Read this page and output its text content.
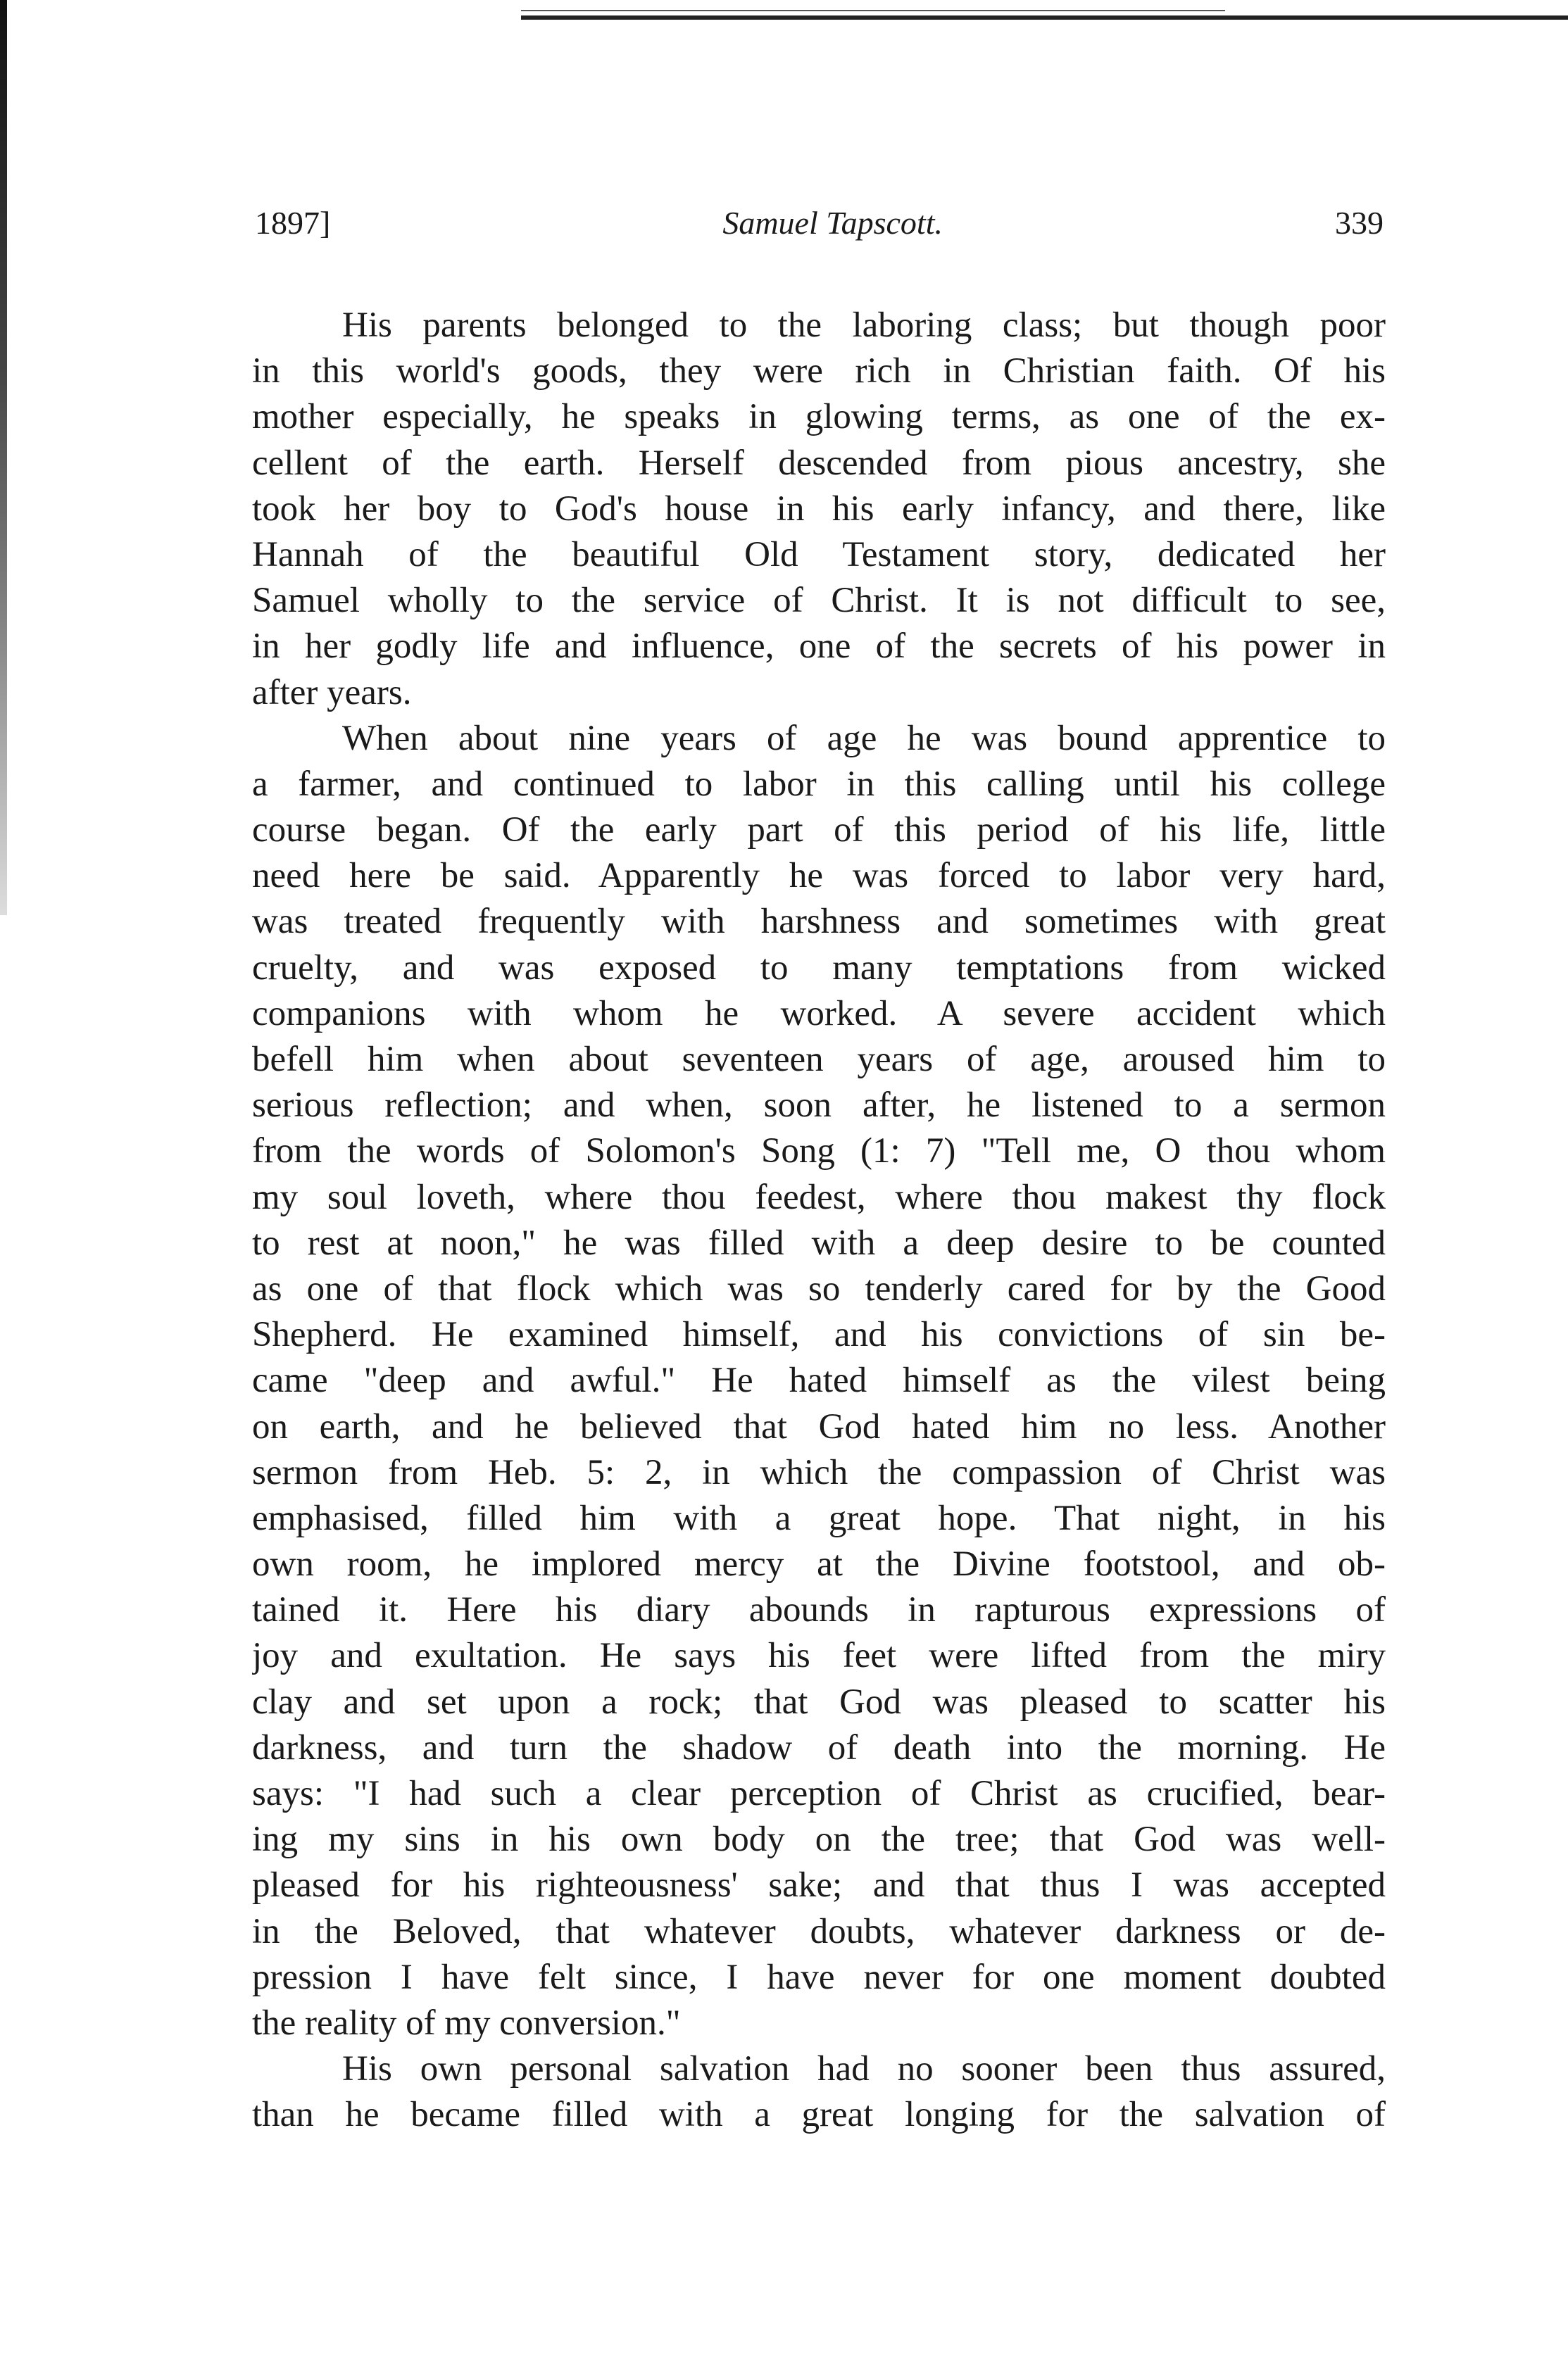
1897]	Samuel Tapscott.	339
His parents belonged to the laboring class; but though poor
in this world's goods, they were rich in Christian faith. Of his
mother especially, he speaks in glowing terms, as one of the ex-
cellent of the earth. Herself descended from pious ancestry, she
took her boy to God's house in his early infancy, and there, like
Hannah of the beautiful Old Testament story, dedicated her
Samuel wholly to the service of Christ. It is not difficult to see,
in her godly life and influence, one of the secrets of his power in
after years.
When about nine years of age he was bound apprentice to
a farmer, and continued to labor in this calling until his college
course began. Of the early part of this period of his life, little
need here be said. Apparently he was forced to labor very hard,
was treated frequently with harshness and sometimes with great
cruelty, and was exposed to many temptations from wicked
companions with whom he worked. A severe accident which
befell him when about seventeen years of age, aroused him to
serious reflection; and when, soon after, he listened to a sermon
from the words of Solomon's Song (1: 7) "Tell me, O thou whom
my soul loveth, where thou feedest, where thou makest thy flock
to rest at noon," he was filled with a deep desire to be counted
as one of that flock which was so tenderly cared for by the Good
Shepherd. He examined himself, and his convictions of sin be-
came "deep and awful." He hated himself as the vilest being
on earth, and he believed that God hated him no less. Another
sermon from Heb. 5: 2, in which the compassion of Christ was
emphasised, filled him with a great hope. That night, in his
own room, he implored mercy at the Divine footstool, and ob-
tained it. Here his diary abounds in rapturous expressions of
joy and exultation. He says his feet were lifted from the miry
clay and set upon a rock; that God was pleased to scatter his
darkness, and turn the shadow of death into the morning. He
says: "I had such a clear perception of Christ as crucified, bear-
ing my sins in his own body on the tree; that God was well-
pleased for his righteousness' sake; and that thus I was accepted
in the Beloved, that whatever doubts, whatever darkness or de-
pression I have felt since, I have never for one moment doubted
the reality of my conversion."
His own personal salvation had no sooner been thus assured,
than he became filled with a great longing for the salvation of
